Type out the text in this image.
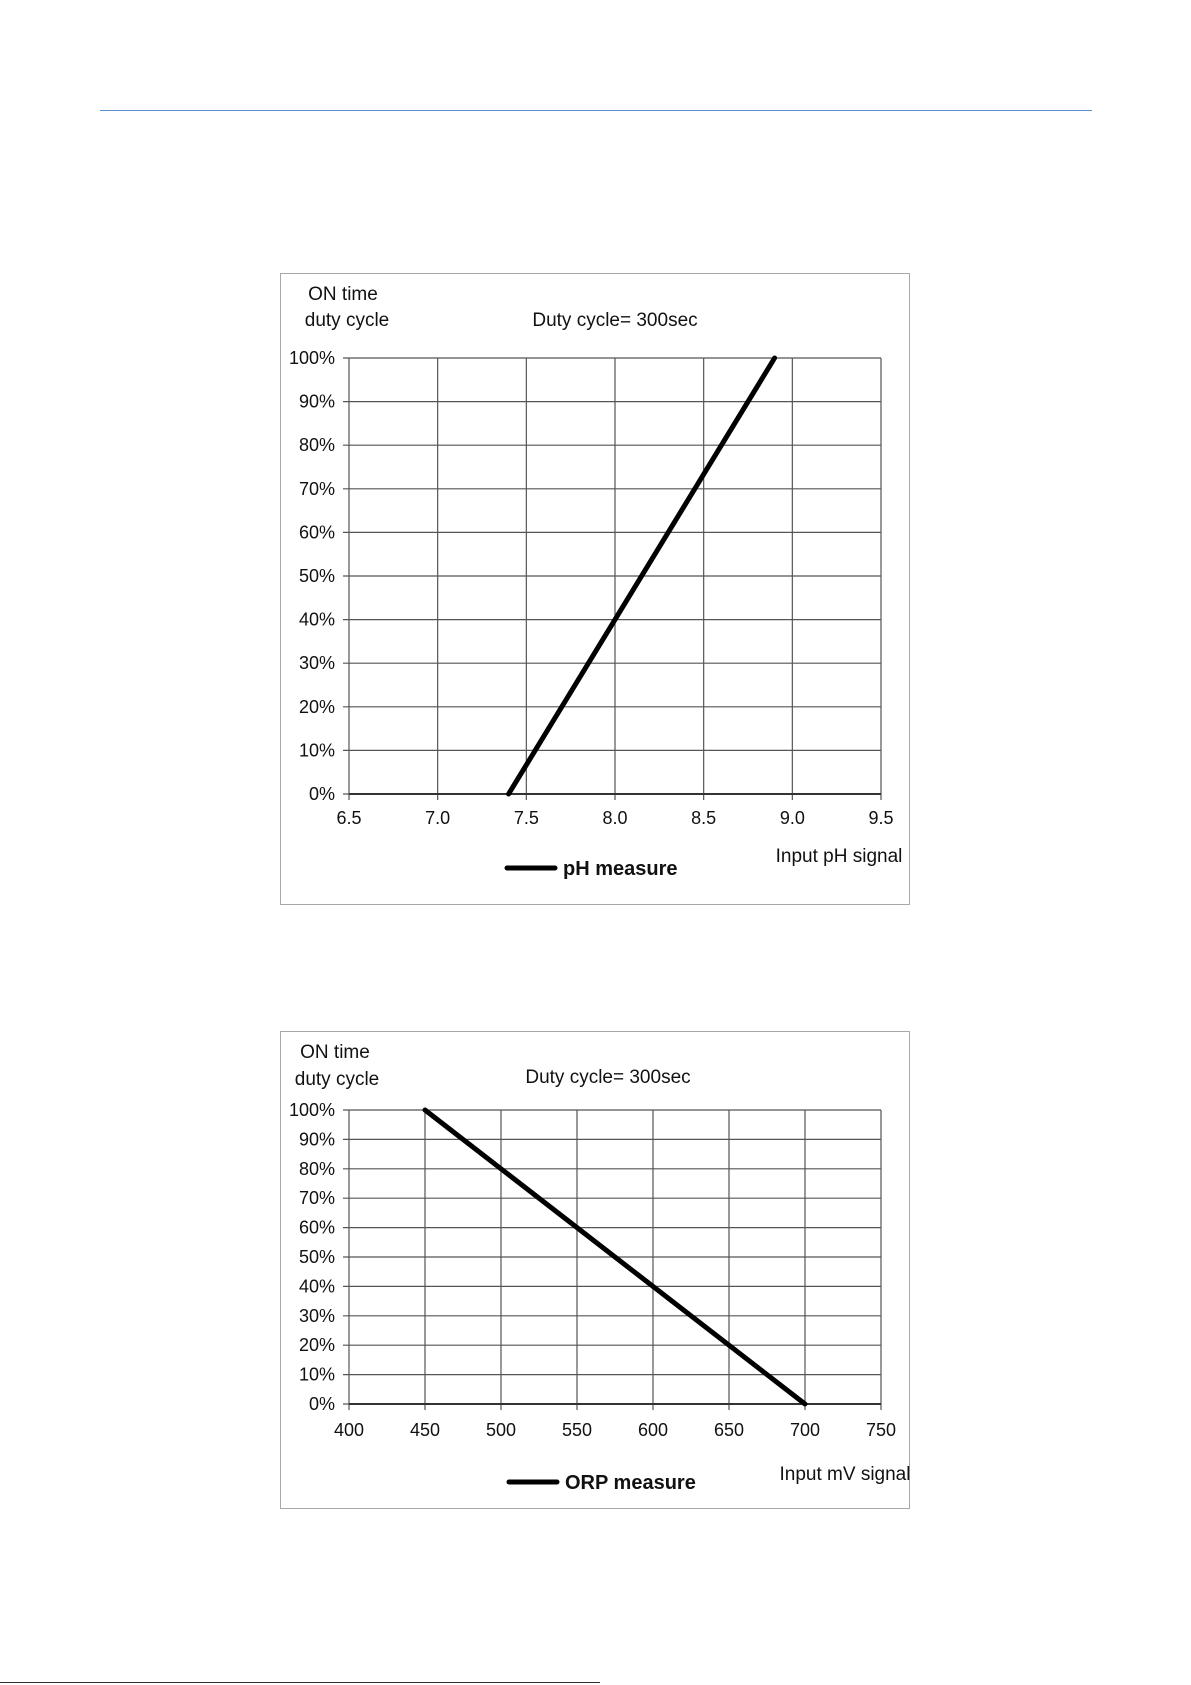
0%
10%
20%
30%
40%
50%
60%
70%
80%
90%
100%
6.5	7.0	7.5	8.0	8.5	9.0	9.5
ON time
duty cycle	Duty cycle= 300sec
Input pH signal
pH measure
0%
10%
20%
30%
40%
50%
60%
70%
80%
90%
100%
400	450	500	550	600	650	700	750
ON time
duty cycle	Duty cycle= 300sec
Input mV signal
ORP measure
